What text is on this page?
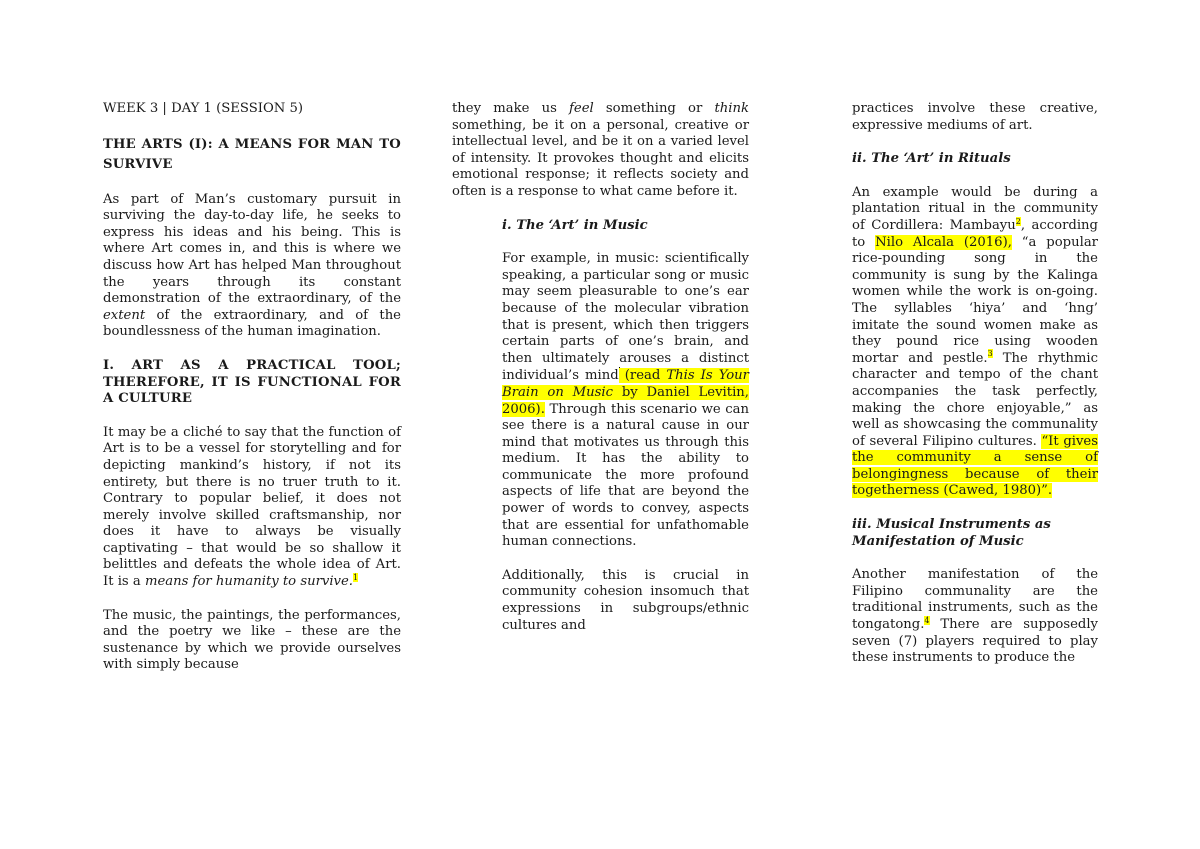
WEEK 3 | DAY 1 (SESSION 5)

THE ARTS (I): A MEANS FOR MAN TO SURVIVE

As part of Man’s customary pursuit in surviving the day-to-day life, he seeks to express his ideas and his being. This is where Art comes in, and this is where we discuss how Art has helped Man throughout the years through its constant demonstration of the extraordinary, of the extent of the extraordinary, and of the boundlessness of the human imagination.

I. ART AS A PRACTICAL TOOL; THEREFORE, IT IS FUNCTIONAL FOR A CULTURE

It may be a cliché to say that the function of Art is to be a vessel for storytelling and for depicting mankind’s history, if not its entirety, but there is no truer truth to it. Contrary to popular belief, it does not merely involve skilled craftsmanship, nor does it have to always be visually captivating – that would be so shallow it belittles and defeats the whole idea of Art. It is a means for humanity to survive.$^1$

The music, the paintings, the performances, and the poetry we like – these are the sustenance by which we provide ourselves with simply because

they make us feel something or think something, be it on a personal, creative or intellectual level, and be it on a varied level of intensity. It provokes thought and elicits emotional response; it reflects society and often is a response to what came before it.

i. The ‘Art’ in Music

For example, in music: scientifically speaking, a particular song or music may seem pleasurable to one’s ear because of the molecular vibration that is present, which then triggers certain parts of one’s brain, and then ultimately arouses a distinct individual’s mind (read This Is Your Brain on Music by Daniel Levitin, 2006). Through this scenario we can see there is a natural cause in our mind that motivates us through this medium. It has the ability to communicate the more profound aspects of life that are beyond the power of words to convey, aspects that are essential for unfathomable human connections.

Additionally, this is crucial in community cohesion insomuch that expressions in subgroups/ethnic cultures and

practices involve these creative, expressive mediums of art.

ii. The ‘Art’ in Rituals

An example would be during a plantation ritual in the community of Cordillera: Mambayu$^2$, according to Nilo Alcala (2016), “a popular rice-pounding song in the community is sung by the Kalinga women while the work is on-going. The syllables ‘hiya’ and ‘hng’ imitate the sound women make as they pound rice using wooden mortar and pestle.$^3$ The rhythmic character and tempo of the chant accompanies the task perfectly, making the chore enjoyable,” as well as showcasing the communality of several Filipino cultures. “It gives the community a sense of belongingness because of their togetherness (Cawed, 1980)”.

iii. Musical Instruments as Manifestation of Music

Another manifestation of the Filipino communality are the traditional instruments, such as the tongatong.$^4$ There are supposedly seven (7) players required to play these instruments to produce the
